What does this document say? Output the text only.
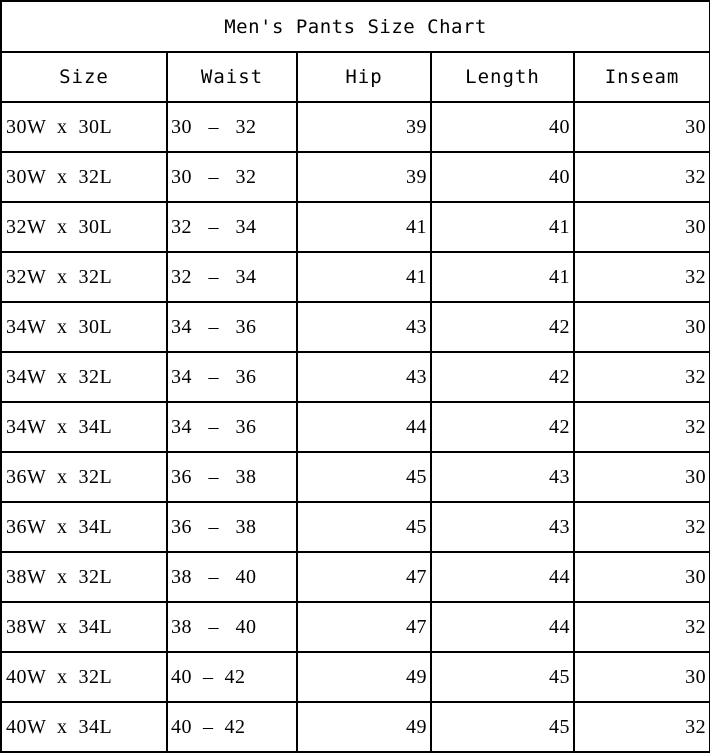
Men's Pants Size Chart				
Size	Waist	Hip	Length	Inseam
30W  x  30L	30   –   32	39	40	30
30W  x  32L	30   –   32	39	40	32
32W  x  30L	32   –   34	41	41	30
32W  x  32L	32   –   34	41	41	32
34W  x  30L	34   –   36	43	42	30
34W  x  32L	34   –   36	43	42	32
34W  x  34L	34   –   36	44	42	32
36W  x  32L	36   –   38	45	43	30
36W  x  34L	36   –   38	45	43	32
38W  x  32L	38   –   40	47	44	30
38W  x  34L	38   –   40	47	44	32
40W  x  32L	40  –  42	49	45	30
40W  x  34L	40  –  42	49	45	32
